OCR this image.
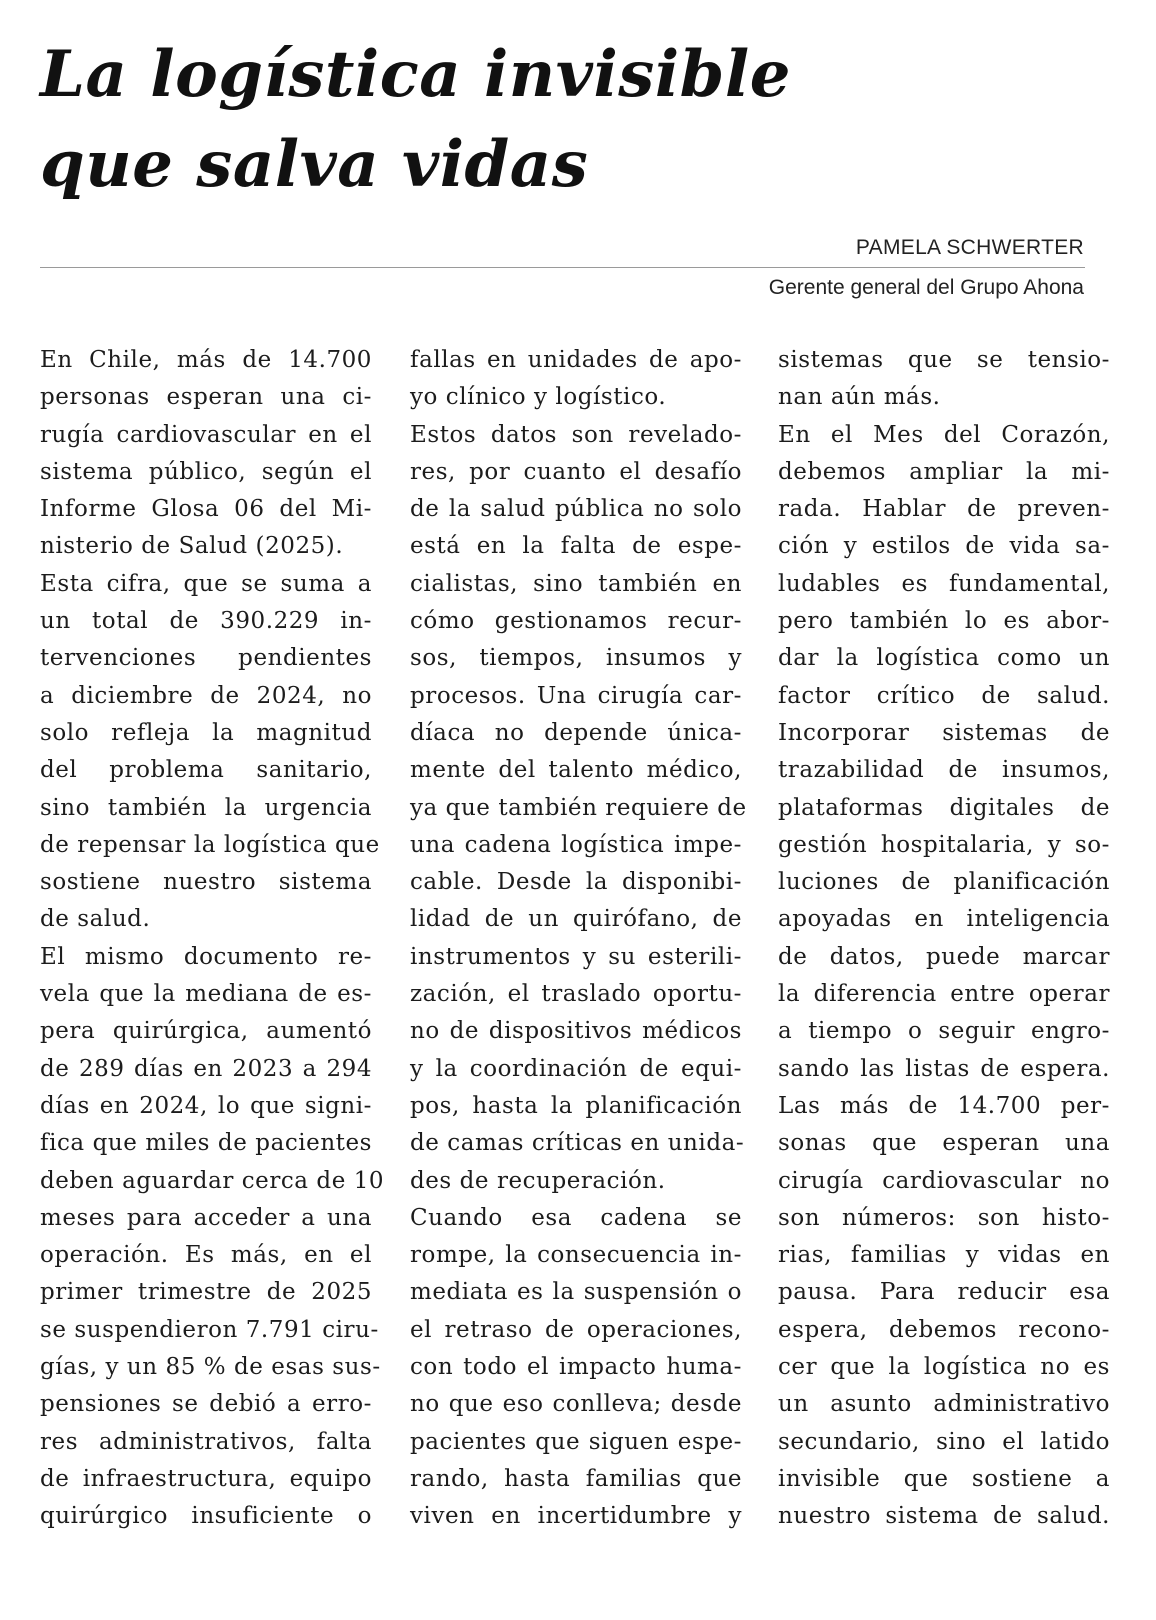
La logística invisible
que salva vidas
PAMELA SCHWERTER
Gerente general del Grupo Ahona
En Chile, más de 14.700
personas esperan una ci-
rugía cardiovascular en el
sistema público, según el
Informe Glosa 06 del Mi-
nisterio de Salud (2025).
Esta cifra, que se suma a
un total de 390.229 in-
tervenciones pendientes
a diciembre de 2024, no
solo refleja la magnitud
del problema sanitario,
sino también la urgencia
de repensar la logística que
sostiene nuestro sistema
de salud.
El mismo documento re-
vela que la mediana de es-
pera quirúrgica, aumentó
de 289 días en 2023 a 294
días en 2024, lo que signi-
fica que miles de pacientes
deben aguardar cerca de 10
meses para acceder a una
operación. Es más, en el
primer trimestre de 2025
se suspendieron 7.791 ciru-
gías, y un 85 % de esas sus-
pensiones se debió a erro-
res administrativos, falta
de infraestructura, equipo
quirúrgico insuficiente o
fallas en unidades de apo-
yo clínico y logístico.
Estos datos son revelado-
res, por cuanto el desafío
de la salud pública no solo
está en la falta de espe-
cialistas, sino también en
cómo gestionamos recur-
sos, tiempos, insumos y
procesos. Una cirugía car-
díaca no depende única-
mente del talento médico,
ya que también requiere de
una cadena logística impe-
cable. Desde la disponibi-
lidad de un quirófano, de
instrumentos y su esterili-
zación, el traslado oportu-
no de dispositivos médicos
y la coordinación de equi-
pos, hasta la planificación
de camas críticas en unida-
des de recuperación.
Cuando esa cadena se
rompe, la consecuencia in-
mediata es la suspensión o
el retraso de operaciones,
con todo el impacto huma-
no que eso conlleva; desde
pacientes que siguen espe-
rando, hasta familias que
viven en incertidumbre y
sistemas que se tensio-
nan aún más.
En el Mes del Corazón,
debemos ampliar la mi-
rada. Hablar de preven-
ción y estilos de vida sa-
ludables es fundamental,
pero también lo es abor-
dar la logística como un
factor crítico de salud.
Incorporar sistemas de
trazabilidad de insumos,
plataformas digitales de
gestión hospitalaria, y so-
luciones de planificación
apoyadas en inteligencia
de datos, puede marcar
la diferencia entre operar
a tiempo o seguir engro-
sando las listas de espera.
Las más de 14.700 per-
sonas que esperan una
cirugía cardiovascular no
son números: son histo-
rias, familias y vidas en
pausa. Para reducir esa
espera, debemos recono-
cer que la logística no es
un asunto administrativo
secundario, sino el latido
invisible que sostiene a
nuestro sistema de salud.
